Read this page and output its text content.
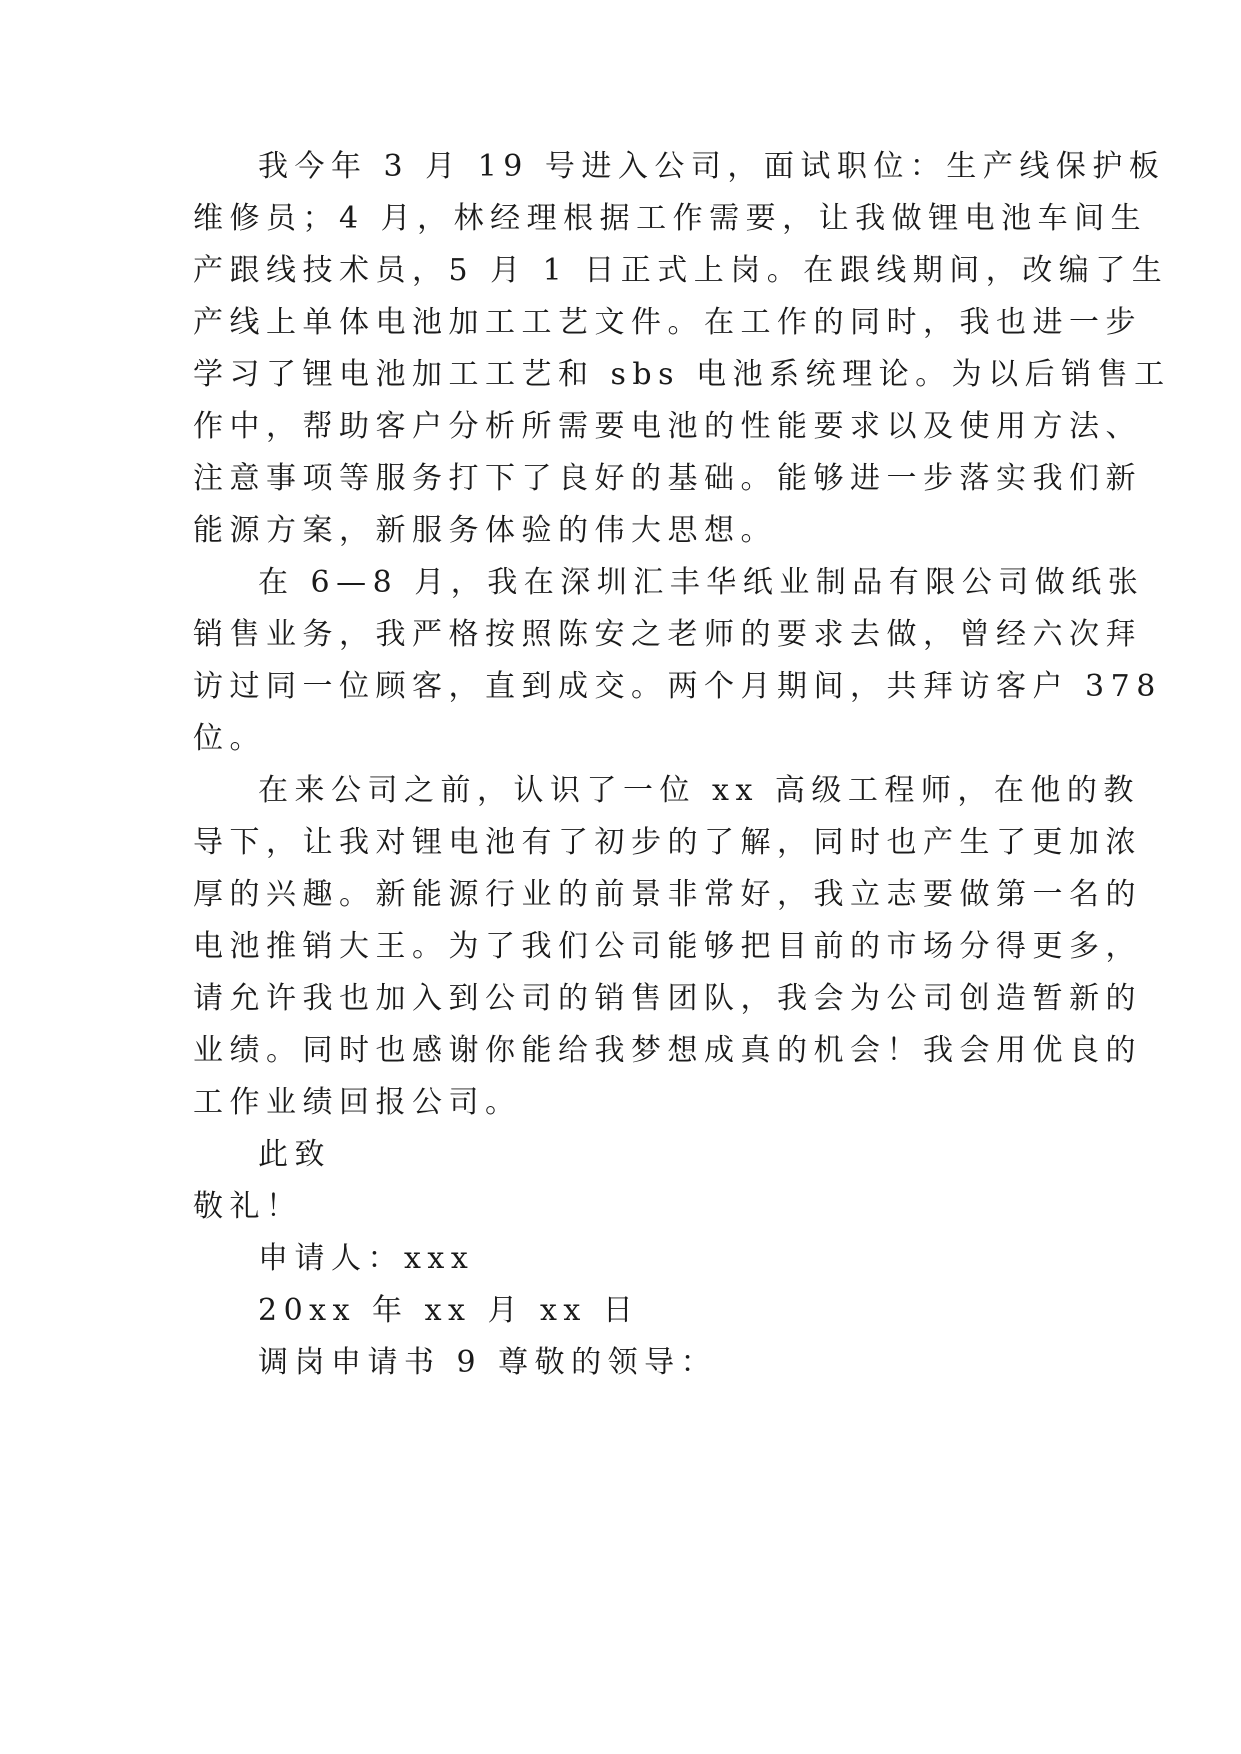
我今年 3 月 19 号进入公司，面试职位：生产线保护板
维修员；4 月，林经理根据工作需要，让我做锂电池车间生
产跟线技术员，5 月 1 日正式上岗。在跟线期间，改编了生
产线上单体电池加工工艺文件。在工作的同时，我也进一步
学习了锂电池加工工艺和 sbs 电池系统理论。为以后销售工
作中，帮助客户分析所需要电池的性能要求以及使用方法、
注意事项等服务打下了良好的基础。能够进一步落实我们新
能源方案，新服务体验的伟大思想。
在 6—8 月，我在深圳汇丰华纸业制品有限公司做纸张
销售业务，我严格按照陈安之老师的要求去做，曾经六次拜
访过同一位顾客，直到成交。两个月期间，共拜访客户 378
位。
在来公司之前，认识了一位 xx 高级工程师，在他的教
导下，让我对锂电池有了初步的了解，同时也产生了更加浓
厚的兴趣。新能源行业的前景非常好，我立志要做第一名的
电池推销大王。为了我们公司能够把目前的市场分得更多，
请允许我也加入到公司的销售团队，我会为公司创造暂新的
业绩。同时也感谢你能给我梦想成真的机会！我会用优良的
工作业绩回报公司。
此致
敬礼！
申请人：xxx
20xx 年 xx 月 xx 日
调岗申请书 9 尊敬的领导：
